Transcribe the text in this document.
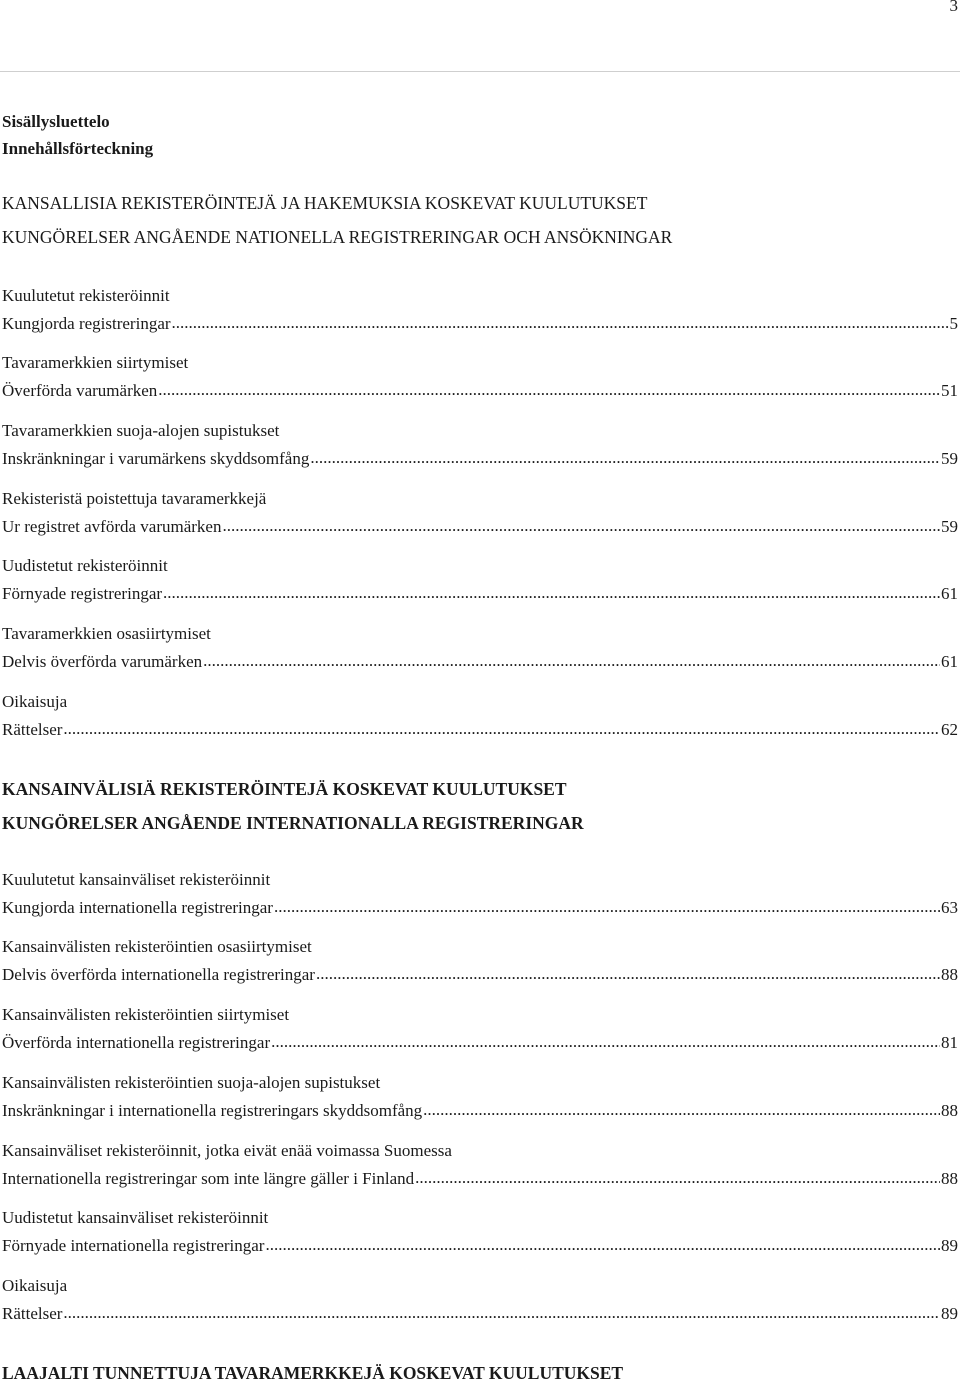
3
Sisällysluettelo
Innehållsförteckning
KANSALLISIA REKISTERÖINTEJÄ JA HAKEMUKSIA KOSKEVAT KUULUTUKSET
KUNGÖRELSER ANGÅENDE NATIONELLA REGISTRERINGAR OCH ANSÖKNINGAR
Kuulutetut rekisteröinnit
Kungjorda registreringar .....	5
Tavaramerkkien siirtymiset
Överförda varumärken .....	51
Tavaramerkkien suoja-alojen supistukset
Inskränkningar i varumärkens skyddsomfång .....	59
Rekisteristä poistettuja tavaramerkkejä
Ur registret avförda varumärken .....	59
Uudistetut rekisteröinnit
Förnyade registreringar .....	61
Tavaramerkkien osasiirtymiset
Delvis överförda varumärken .....	61
Oikaisuja
Rättelser .....	62
KANSAINVÄLISIÄ REKISTERÖINTEJÄ KOSKEVAT KUULUTUKSET
KUNGÖRELSER ANGÅENDE INTERNATIONALLA REGISTRERINGAR
Kuulutetut kansainväliset rekisteröinnit
Kungjorda internationella registreringar .....	63
Kansainvälisten rekisteröintien osasiirtymiset
Delvis överförda internationella registreringar .....	88
Kansainvälisten rekisteröintien siirtymiset
Överförda internationella registreringar .....	81
Kansainvälisten rekisteröintien suoja-alojen supistukset
Inskränkningar i internationella registreringars skyddsomfång .....	88
Kansainväliset rekisteröinnit, jotka eivät enää voimassa Suomessa
Internationella registreringar som inte längre gäller i Finland .....	88
Uudistetut kansainväliset rekisteröinnit
Förnyade internationella registreringar .....	89
Oikaisuja
Rättelser .....	89
LAAJALTI TUNNETTUJA TAVARAMERKKEJÄ KOSKEVAT KUULUTUKSET
